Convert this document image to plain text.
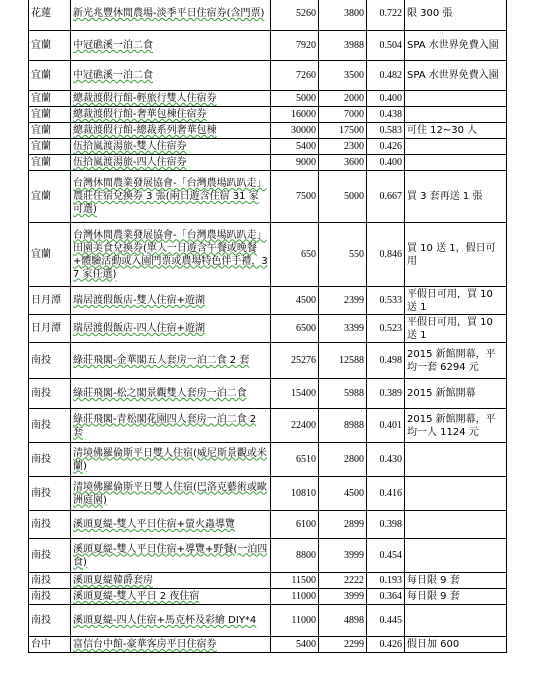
花蓮	新光兆豐休閒農場-淡季平日住宿券(含門票)	5260	3800	0.722	限 300 張
宜蘭	中冠礁溪一泊二食	7920	3988	0.504	SPA 水世界免費入園
宜蘭	中冠礁溪一泊二食	7260	3500	0.482	SPA 水世界免費入園
宜蘭	總裁渡假行館-輕旅行雙人住宿券	5000	2000	0.400	
宜蘭	總裁渡假行館-奢華包棟住宿券	16000	7000	0.438	
宜蘭	總裁渡假行館-總裁系列奢華包棟	30000	17500	0.583	可住 12~30 人
宜蘭	伍拾嵐渡湯旅-雙人住宿券	5400	2300	0.426	
宜蘭	伍拾嵐渡湯旅-四人住宿券	9000	3600	0.400	
宜蘭	台灣休閒農業發展協會-「台灣農場趴趴走」農莊住宿兌換券 3 張(兩日遊含住宿 31 家可選)	7500	5000	0.667	買 3 套再送 1 張
宜蘭	台灣休閒農業發展協會-「台灣農場趴趴走」田園美食兌換券(單人一日遊含午餐或晚餐+體驗活動或入園門票或農場特色伴手禮，37 家任選)	650	550	0.846	買 10 送 1，假日可用
日月潭	瑞居渡假飯店-雙人住宿+遊湖	4500	2399	0.533	平假日可用，買 10 送 1
日月潭	瑞居渡假飯店-四人住宿+遊湖	6500	3399	0.523	平假日可用，買 10 送 1
南投	綠莊飛閣-金華閣五人套房一泊二食 2 套	25276	12588	0.498	2015 新館開幕，平均一套 6294 元
南投	綠莊飛閣-松之閣景觀雙人套房一泊二食	15400	5988	0.389	2015 新館開幕
南投	綠莊飛閣-青松閣花園四人套房一泊二食 2 套	22400	8988	0.401	2015 新館開幕，平均一人 1124 元
南投	清境佛羅倫斯平日雙人住宿(威尼斯景觀或米蘭)	6510	2800	0.430	
南投	清境佛羅倫斯平日雙人住宿(巴洛克藝術或歐洲庭園)	10810	4500	0.416	
南投	溪頭夏緹-雙人平日住宿+螢火蟲導覽	6100	2899	0.398	
南投	溪頭夏緹-雙人平日住宿+導覽+野餐(一泊四食)	8800	3999	0.454	
南投	溪頭夏緹韓爵套房	11500	2222	0.193	每日限 9 套
南投	溪頭夏緹-雙人平日 2 夜住宿	11000	3999	0.364	每日限 9 套
南投	溪頭夏緹-四人住宿+馬克杯及彩繪 DIY*4	11000	4898	0.445	
台中	富信台中館-豪華客房平日住宿券	5400	2299	0.426	假日加 600
